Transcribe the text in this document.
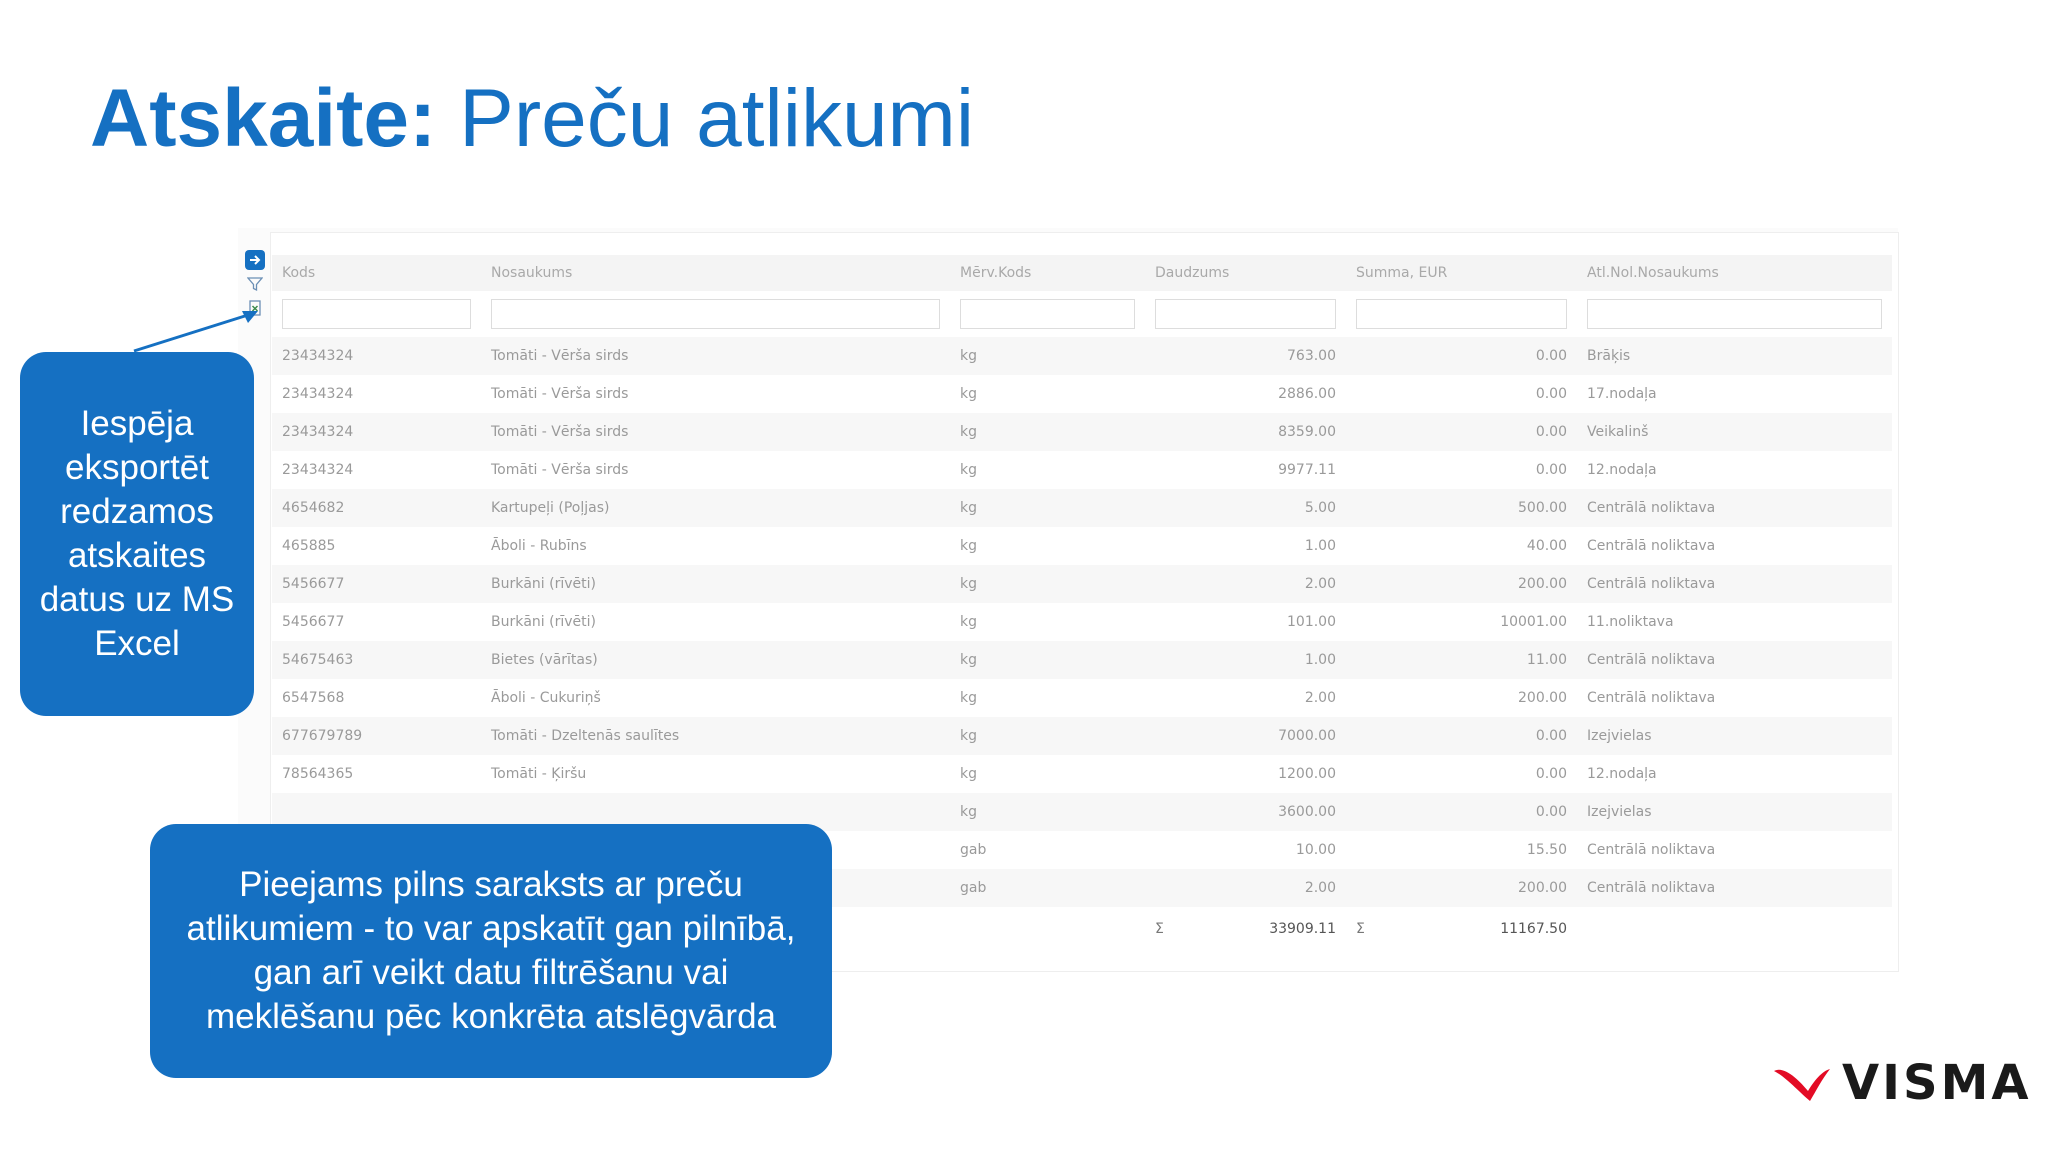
Atskaite: Preču atlikumi
Kods	Nosaukums	Mērv.Kods	Daudzums	Summa, EUR	Atl.Nol.Nosaukums

23434324	Tomāti - Vērša sirds	kg	763.00	0.00	Brāķis
23434324	Tomāti - Vērša sirds	kg	2886.00	0.00	17.nodaļa
23434324	Tomāti - Vērša sirds	kg	8359.00	0.00	Veikalinš
23434324	Tomāti - Vērša sirds	kg	9977.11	0.00	12.nodaļa
4654682	Kartupeļi (Poļjas)	kg	5.00	500.00	Centrālā noliktava
465885	Āboli - Rubīns	kg	1.00	40.00	Centrālā noliktava
5456677	Burkāni (rīvēti)	kg	2.00	200.00	Centrālā noliktava
5456677	Burkāni (rīvēti)	kg	101.00	10001.00	11.noliktava
54675463	Bietes (vārītas)	kg	1.00	11.00	Centrālā noliktava
6547568	Āboli - Cukuriņš	kg	2.00	200.00	Centrālā noliktava
677679789	Tomāti - Dzeltenās saulītes	kg	7000.00	0.00	Izejvielas
78564365	Tomāti - Ķiršu	kg	1200.00	0.00	12.nodaļa
		kg	3600.00	0.00	Izejvielas
		gab	10.00	15.50	Centrālā noliktava
		gab	2.00	200.00	Centrālā noliktava

			Σ 33909.11	Σ 11167.50	
Iespēja eksportēt redzamos atskaites datus uz MS Excel
Pieejams pilns saraksts ar preču atlikumiem - to var apskatīt gan pilnībā, gan arī veikt datu filtrēšanu vai meklēšanu pēc konkrēta atslēgvārda
VISMA
